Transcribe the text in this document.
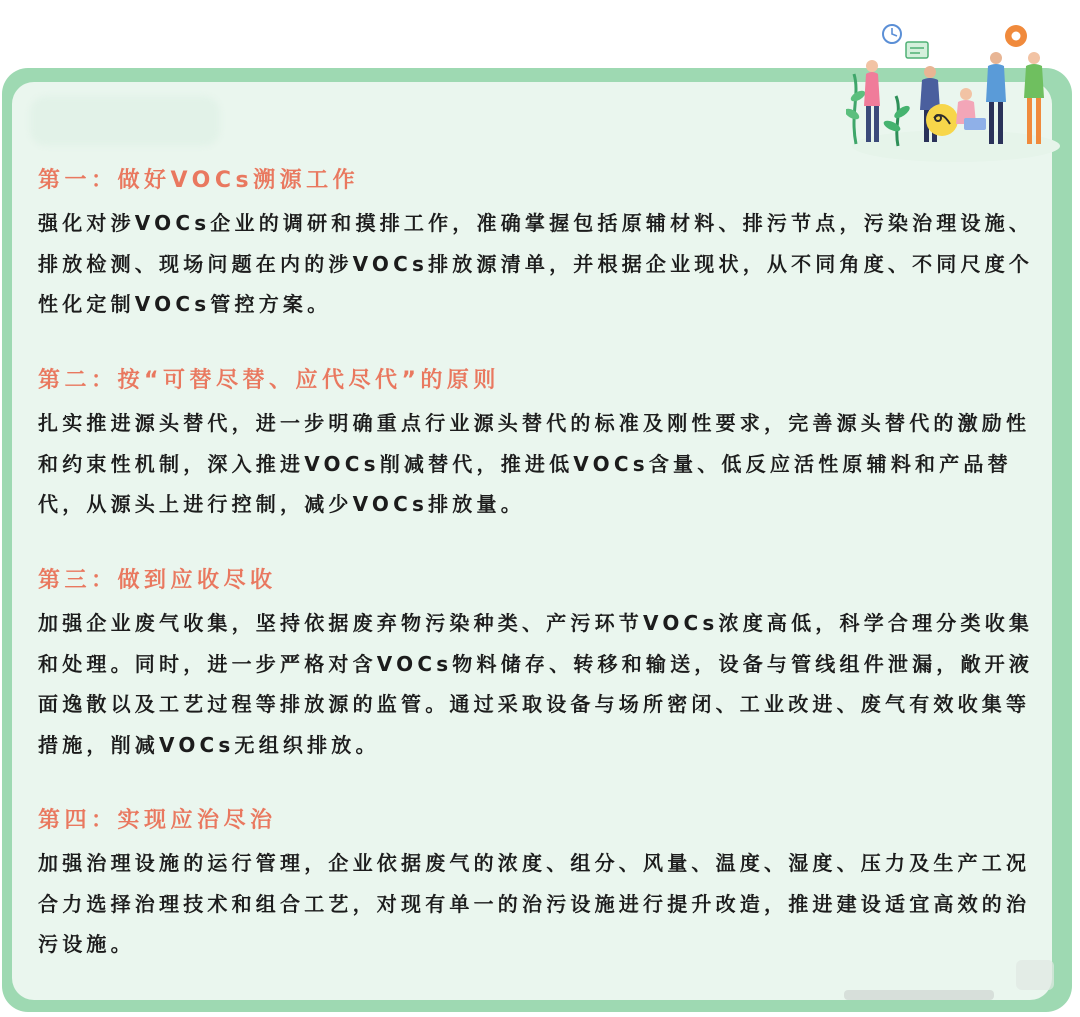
第一：做好VOCs溯源工作

强化对涉VOCs企业的调研和摸排工作，准确掌握包括原辅材料、排污节点，污染治理设施、排放检测、现场问题在内的涉VOCs排放源清单，并根据企业现状，从不同角度、不同尺度个性化定制VOCs管控方案。

第二：按“可替尽替、应代尽代”的原则

扎实推进源头替代，进一步明确重点行业源头替代的标准及刚性要求，完善源头替代的激励性和约束性机制，深入推进VOCs削减替代，推进低VOCs含量、低反应活性原辅料和产品替代，从源头上进行控制，减少VOCs排放量。

第三：做到应收尽收

加强企业废气收集，坚持依据废弃物污染种类、产污环节VOCs浓度高低，科学合理分类收集和处理。同时，进一步严格对含VOCs物料储存、转移和输送，设备与管线组件泄漏，敞开液面逸散以及工艺过程等排放源的监管。通过采取设备与场所密闭、工业改进、废气有效收集等措施，削减VOCs无组织排放。

第四：实现应治尽治

加强治理设施的运行管理，企业依据废气的浓度、组分、风量、温度、湿度、压力及生产工况合力选择治理技术和组合工艺，对现有单一的治污设施进行提升改造，推进建设适宜高效的治污设施。
